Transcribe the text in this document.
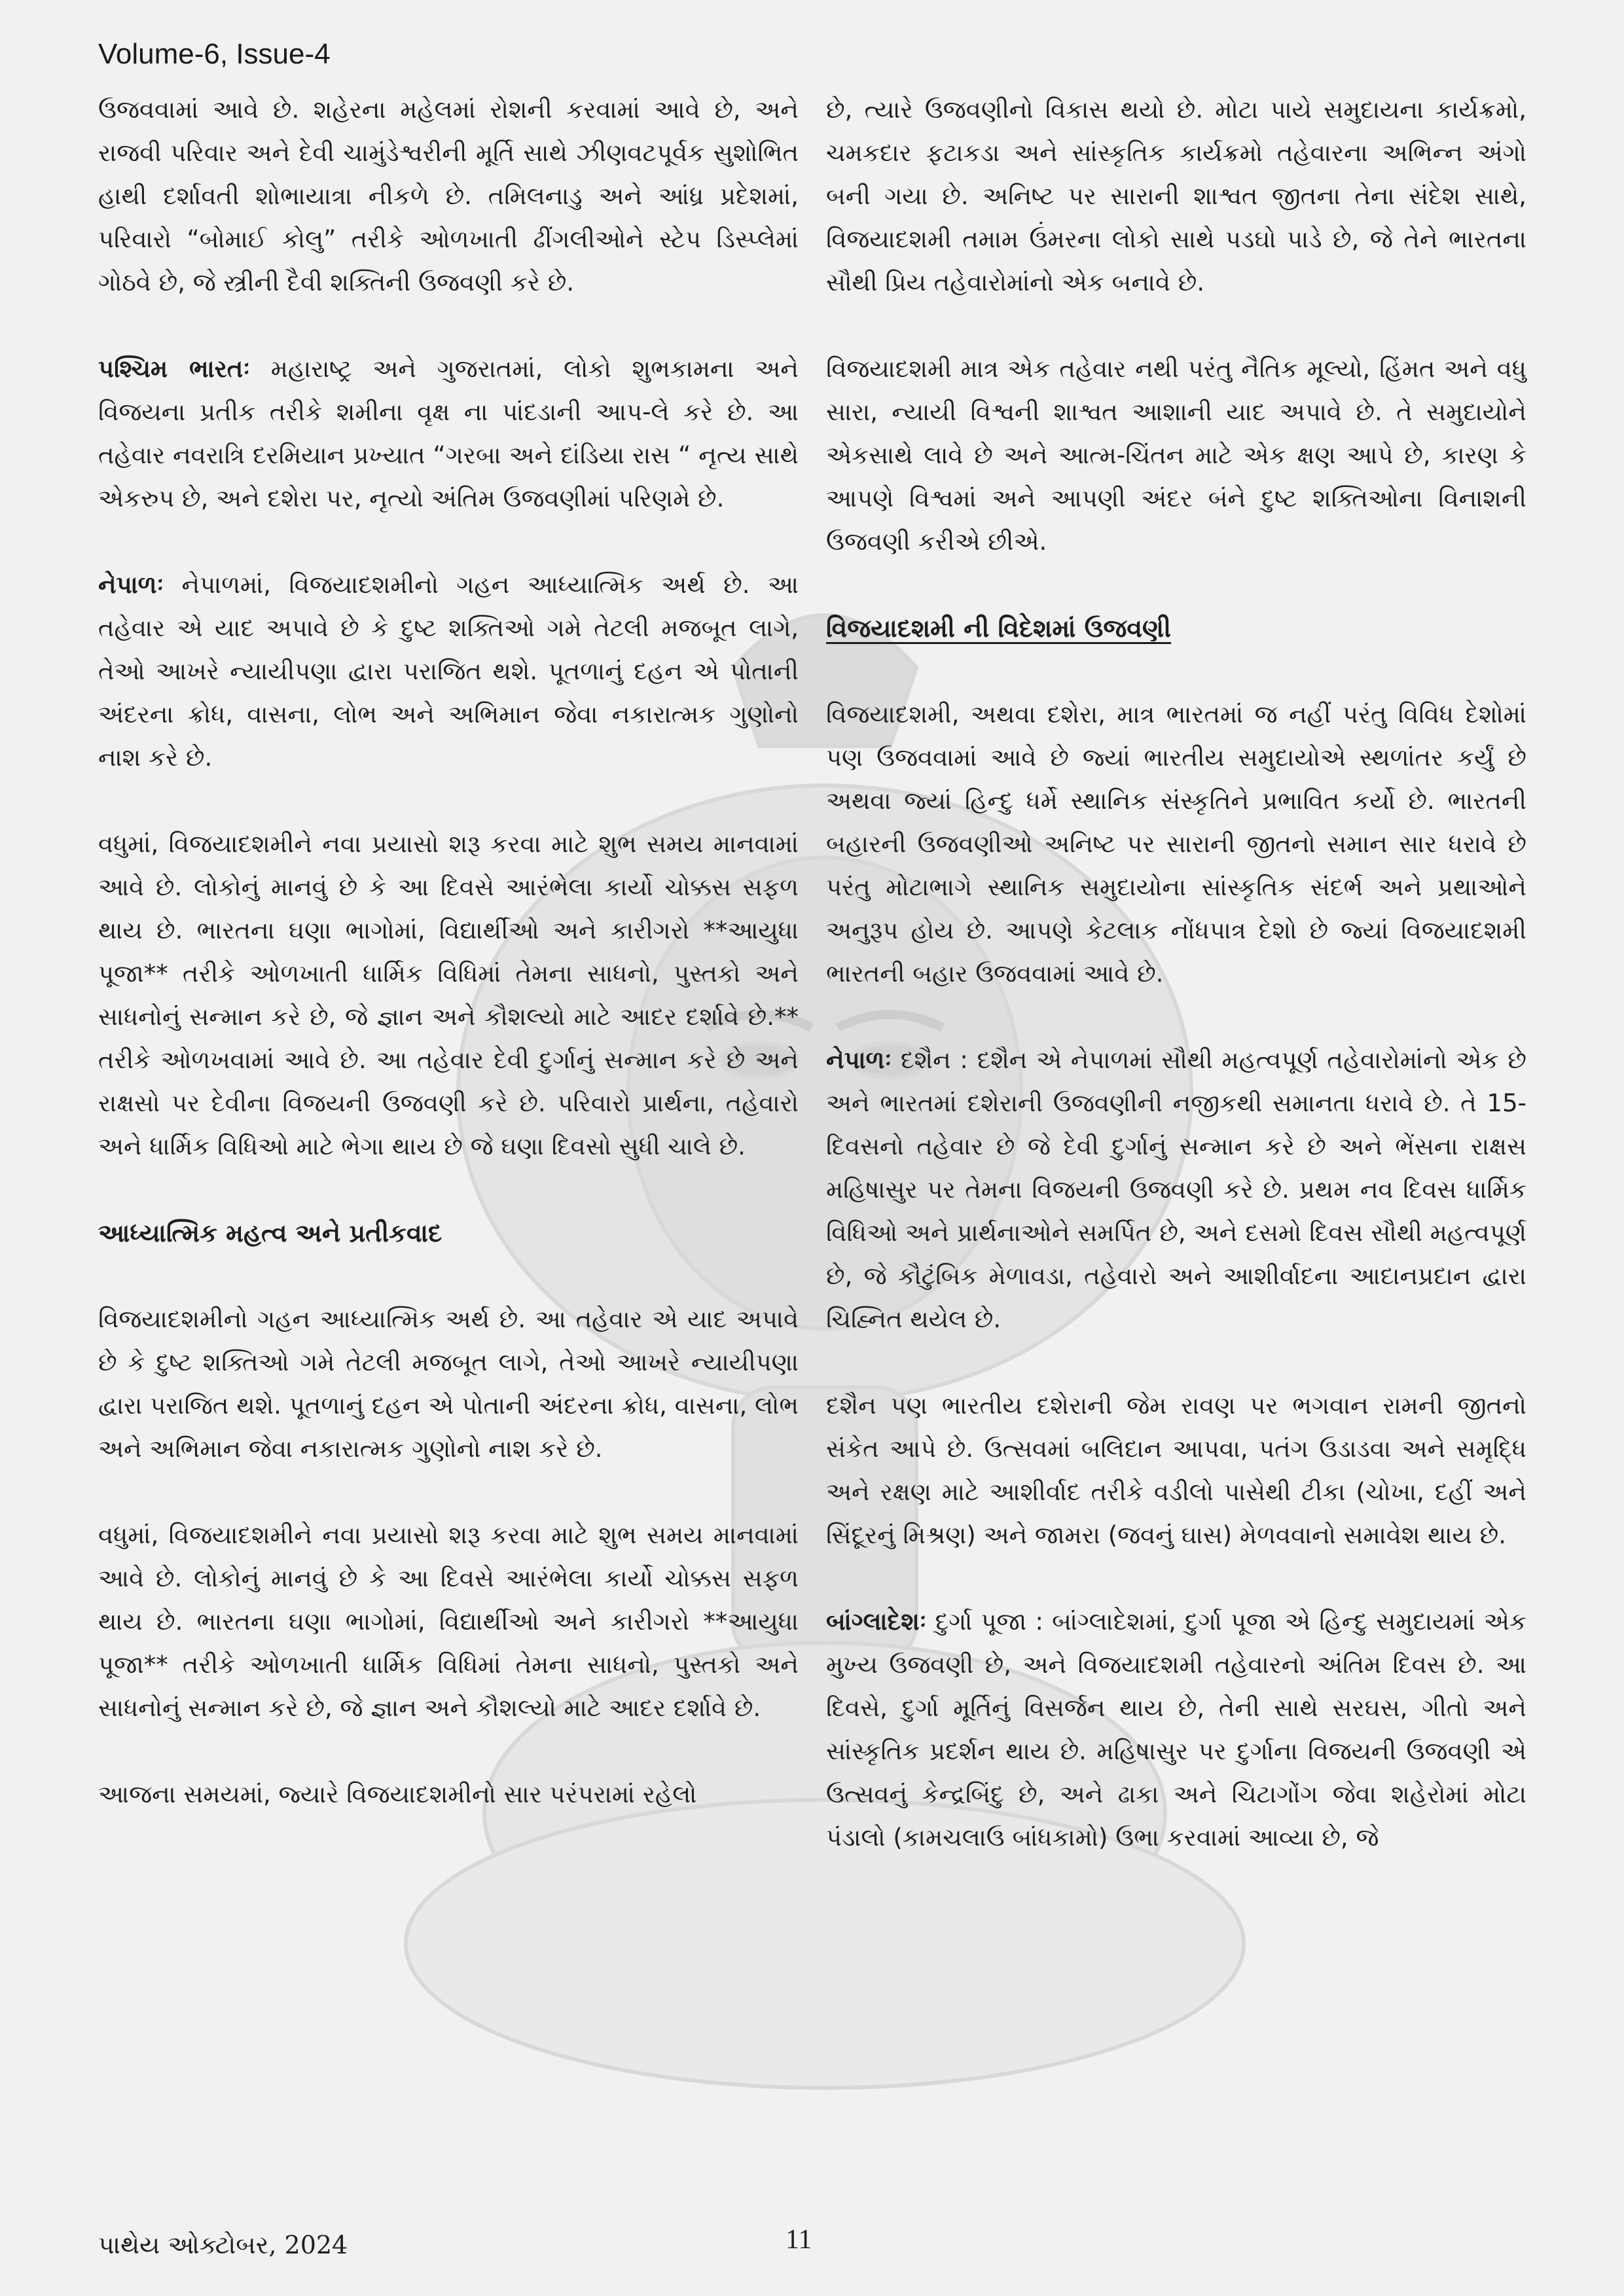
Volume-6, Issue-4

ઉજવવામાં આવે છે. શહેરના મહેલમાં રોશની કરવામાં આવે છે, અને રાજવી પરિવાર અને દેવી ચામુંડેશ્વરીની મૂર્તિ સાથે ઝીણવટપૂર્વક સુશોભિત હાથી દર્શાવતી શોભાયાત્રા નીકળે છે. તમિલનાડુ અને આંધ્ર પ્રદેશમાં, પરિવારો “બોમાઈ કોલુ” તરીકે ઓળખાતી ઢીંગલીઓને સ્ટેપ ડિસ્પ્લેમાં ગોઠવે છે, જે સ્ત્રીની દૈવી શક્તિની ઉજવણી કરે છે.

પશ્ચિમ ભારતઃ મહારાષ્ટ્ર અને ગુજરાતમાં, લોકો શુભકામના અને વિજયના પ્રતીક તરીકે શમીના વૃક્ષ ના પાંદડાની આપ-લે કરે છે. આ તહેવાર નવરાત્રિ દરમિયાન પ્રખ્યાત “ગરબા અને દાંડિયા રાસ “ નૃત્ય સાથે એકરુપ છે, અને દશેરા પર, નૃત્યો અંતિમ ઉજવણીમાં પરિણમે છે.

નેપાળઃ નેપાળમાં, વિજયાદશમીનો ગહન આધ્યાત્મિક અર્થ છે. આ તહેવાર એ યાદ અપાવે છે કે દુષ્ટ શક્તિઓ ગમે તેટલી મજબૂત લાગે, તેઓ આખરે ન્યાયીપણા દ્વારા પરાજિત થશે. પૂતળાનું દહન એ પોતાની અંદરના ક્રોધ, વાસના, લોભ અને અભિમાન જેવા નકારાત્મક ગુણોનો નાશ કરે છે.

વધુમાં, વિજયાદશમીને નવા પ્રયાસો શરૂ કરવા માટે શુભ સમય માનવામાં આવે છે. લોકોનું માનવું છે કે આ દિવસે આરંભેલા કાર્યો ચોક્કસ સફળ થાય છે. ભારતના ઘણા ભાગોમાં, વિદ્યાર્થીઓ અને કારીગરો **આયુધા પૂજા** તરીકે ઓળખાતી ધાર્મિક વિધિમાં તેમના સાધનો, પુસ્તકો અને સાધનોનું સન્માન કરે છે, જે જ્ઞાન અને કૌશલ્યો માટે આદર દર્શાવે છે.** તરીકે ઓળખવામાં આવે છે. આ તહેવાર દેવી દુર્ગાનું સન્માન કરે છે અને રાક્ષસો પર દેવીના વિજયની ઉજવણી કરે છે. પરિવારો પ્રાર્થના, તહેવારો અને ધાર્મિક વિધિઓ માટે ભેગા થાય છે જે ઘણા દિવસો સુધી ચાલે છે.

આધ્યાત્મિક મહત્વ અને પ્રતીકવાદ

વિજયાદશમીનો ગહન આધ્યાત્મિક અર્થ છે. આ તહેવાર એ યાદ અપાવે છે કે દુષ્ટ શક્તિઓ ગમે તેટલી મજબૂત લાગે, તેઓ આખરે ન્યાયીપણા દ્વારા પરાજિત થશે. પૂતળાનું દહન એ પોતાની અંદરના ક્રોધ, વાસના, લોભ અને અભિમાન જેવા નકારાત્મક ગુણોનો નાશ કરે છે.

વધુમાં, વિજયાદશમીને નવા પ્રયાસો શરૂ કરવા માટે શુભ સમય માનવામાં આવે છે. લોકોનું માનવું છે કે આ દિવસે આરંભેલા કાર્યો ચોક્કસ સફળ થાય છે. ભારતના ઘણા ભાગોમાં, વિદ્યાર્થીઓ અને કારીગરો **આયુધા પૂજા** તરીકે ઓળખાતી ધાર્મિક વિધિમાં તેમના સાધનો, પુસ્તકો અને સાધનોનું સન્માન કરે છે, જે જ્ઞાન અને કૌશલ્યો માટે આદર દર્શાવે છે.

આજના સમયમાં, જ્યારે વિજયાદશમીનો સાર પરંપરામાં રહેલો

છે, ત્યારે ઉજવણીનો વિકાસ થયો છે. મોટા પાયે સમુદાયના કાર્યક્રમો, ચમકદાર ફટાકડા અને સાંસ્કૃતિક કાર્યક્રમો તહેવારના અભિન્ન અંગો બની ગયા છે. અનિષ્ટ પર સારાની શાશ્વત જીતના તેના સંદેશ સાથે, વિજયાદશમી તમામ ઉંમરના લોકો સાથે પડઘો પાડે છે, જે તેને ભારતના સૌથી પ્રિય તહેવારોમાંનો એક બનાવે છે.

વિજયાદશમી માત્ર એક તહેવાર નથી પરંતુ નૈતિક મૂલ્યો, હિંમત અને વધુ સારા, ન્યાયી વિશ્વની શાશ્વત આશાની યાદ અપાવે છે. તે સમુદાયોને એકસાથે લાવે છે અને આત્મ-ચિંતન માટે એક ક્ષણ આપે છે, કારણ કે આપણે વિશ્વમાં અને આપણી અંદર બંને દુષ્ટ શક્તિઓના વિનાશની ઉજવણી કરીએ છીએ.

વિજયાદશમી ની વિદેશમાં ઉજવણી

વિજયાદશમી, અથવા દશેરા, માત્ર ભારતમાં જ નહીં પરંતુ વિવિધ દેશોમાં પણ ઉજવવામાં આવે છે જ્યાં ભારતીય સમુદાયોએ સ્થળાંતર કર્યું છે અથવા જ્યાં હિન્દુ ધર્મે સ્થાનિક સંસ્કૃતિને પ્રભાવિત કર્યો છે. ભારતની બહારની ઉજવણીઓ અનિષ્ટ પર સારાની જીતનો સમાન સાર ધરાવે છે પરંતુ મોટાભાગે સ્થાનિક સમુદાયોના સાંસ્કૃતિક સંદર્ભ અને પ્રથાઓને અનુરૂપ હોય છે. આપણે કેટલાક નોંધપાત્ર દેશો છે જ્યાં વિજયાદશમી ભારતની બહાર ઉજવવામાં આવે છે.

નેપાળઃ દશૈન : દશૈન એ નેપાળમાં સૌથી મહત્વપૂર્ણ તહેવારોમાંનો એક છે અને ભારતમાં દશેરાની ઉજવણીની નજીકથી સમાનતા ધરાવે છે. તે 15-દિવસનો તહેવાર છે જે દેવી દુર્ગાનું સન્માન કરે છે અને ભેંસના રાક્ષસ મહિષાસુર પર તેમના વિજયની ઉજવણી કરે છે. પ્રથમ નવ દિવસ ધાર્મિક વિધિઓ અને પ્રાર્થનાઓને સમર્પિત છે, અને દસમો દિવસ સૌથી મહત્વપૂર્ણ છે, જે કૌટુંબિક મેળાવડા, તહેવારો અને આશીર્વાદના આદાનપ્રદાન દ્વારા ચિહ્નિત થયેલ છે.

દશૈન પણ ભારતીય દશેરાની જેમ રાવણ પર ભગવાન રામની જીતનો સંકેત આપે છે. ઉત્સવમાં બલિદાન આપવા, પતંગ ઉડાડવા અને સમૃદ્ધિ અને રક્ષણ માટે આશીર્વાદ તરીકે વડીલો પાસેથી ટીકા (ચોખા, દહીં અને સિંદૂરનું મિશ્રણ) અને જામરા (જવનું ઘાસ) મેળવવાનો સમાવેશ થાય છે.

બાંગ્લાદેશઃ દુર્ગા પૂજા : બાંગ્લાદેશમાં, દુર્ગા પૂજા એ હિન્દુ સમુદાયમાં એક મુખ્ય ઉજવણી છે, અને વિજયાદશમી તહેવારનો અંતિમ દિવસ છે. આ દિવસે, દુર્ગા મૂર્તિનું વિસર્જન થાય છે, તેની સાથે સરઘસ, ગીતો અને સાંસ્કૃતિક પ્રદર્શન થાય છે. મહિષાસુર પર દુર્ગાના વિજયની ઉજવણી એ ઉત્સવનું કેન્દ્રબિંદુ છે, અને ઢાકા અને ચિટાગોંગ જેવા શહેરોમાં મોટા પંડાલો (કામચલાઉ બાંધકામો) ઉભા કરવામાં આવ્યા છે, જે

પાથેય ઓક્ટોબર, 2024	11
